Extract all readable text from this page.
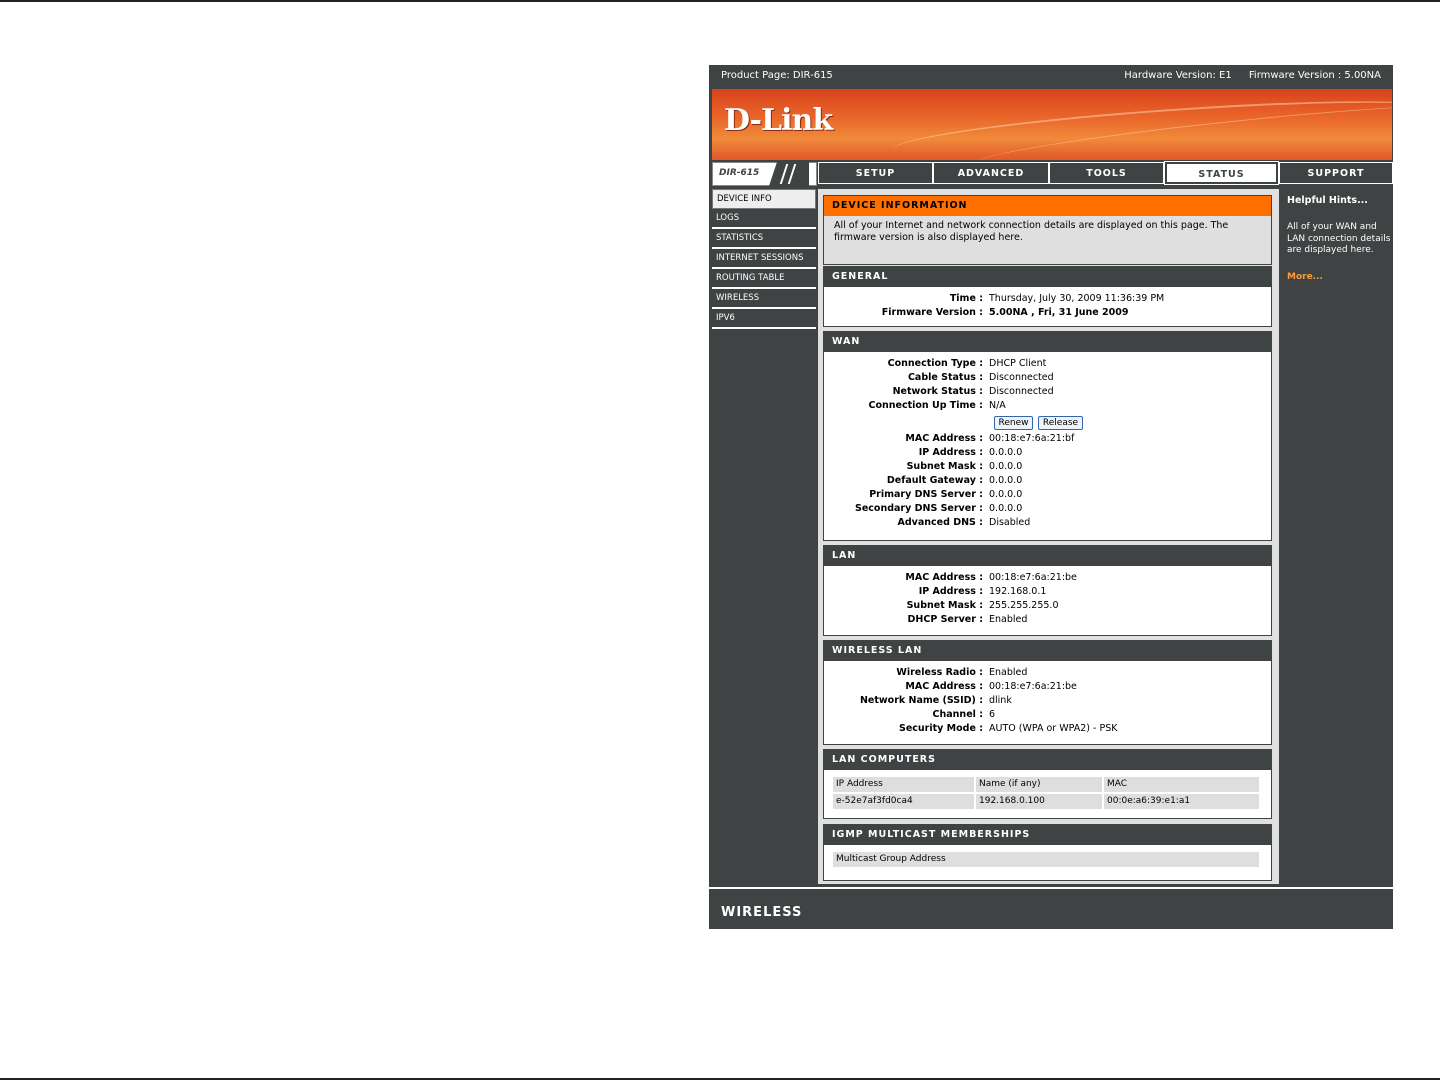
Product Page: DIR-615	Hardware Version: E1 Firmware Version : 5.00NA
D-Link
DIR-615	SETUP	ADVANCED	TOOLS	STATUS	SUPPORT
DEVICE INFO
LOGS
STATISTICS
INTERNET SESSIONS
ROUTING TABLE
WIRELESS
IPV6
DEVICE INFORMATION
All of your Internet and network connection details are displayed on this page. The firmware version is also displayed here.
GENERAL
Time : Thursday, July 30, 2009 11:36:39 PM
Firmware Version : 5.00NA , Fri, 31 June 2009
WAN
Connection Type : DHCP Client
Cable Status : Disconnected
Network Status : Disconnected
Connection Up Time : N/A
Renew	Release
MAC Address : 00:18:e7:6a:21:bf
IP Address : 0.0.0.0
Subnet Mask : 0.0.0.0
Default Gateway : 0.0.0.0
Primary DNS Server : 0.0.0.0
Secondary DNS Server : 0.0.0.0
Advanced DNS : Disabled
LAN
MAC Address : 00:18:e7:6a:21:be
IP Address : 192.168.0.1
Subnet Mask : 255.255.255.0
DHCP Server : Enabled
WIRELESS LAN
Wireless Radio : Enabled
MAC Address : 00:18:e7:6a:21:be
Network Name (SSID) : dlink
Channel : 6
Security Mode : AUTO (WPA or WPA2) - PSK
LAN COMPUTERS
IP Address	Name (if any)	MAC
e-52e7af3fd0ca4	192.168.0.100	00:0e:a6:39:e1:a1
IGMP MULTICAST MEMBERSHIPS
Multicast Group Address
Helpful Hints...
All of your WAN and LAN connection details are displayed here.
More...
WIRELESS
